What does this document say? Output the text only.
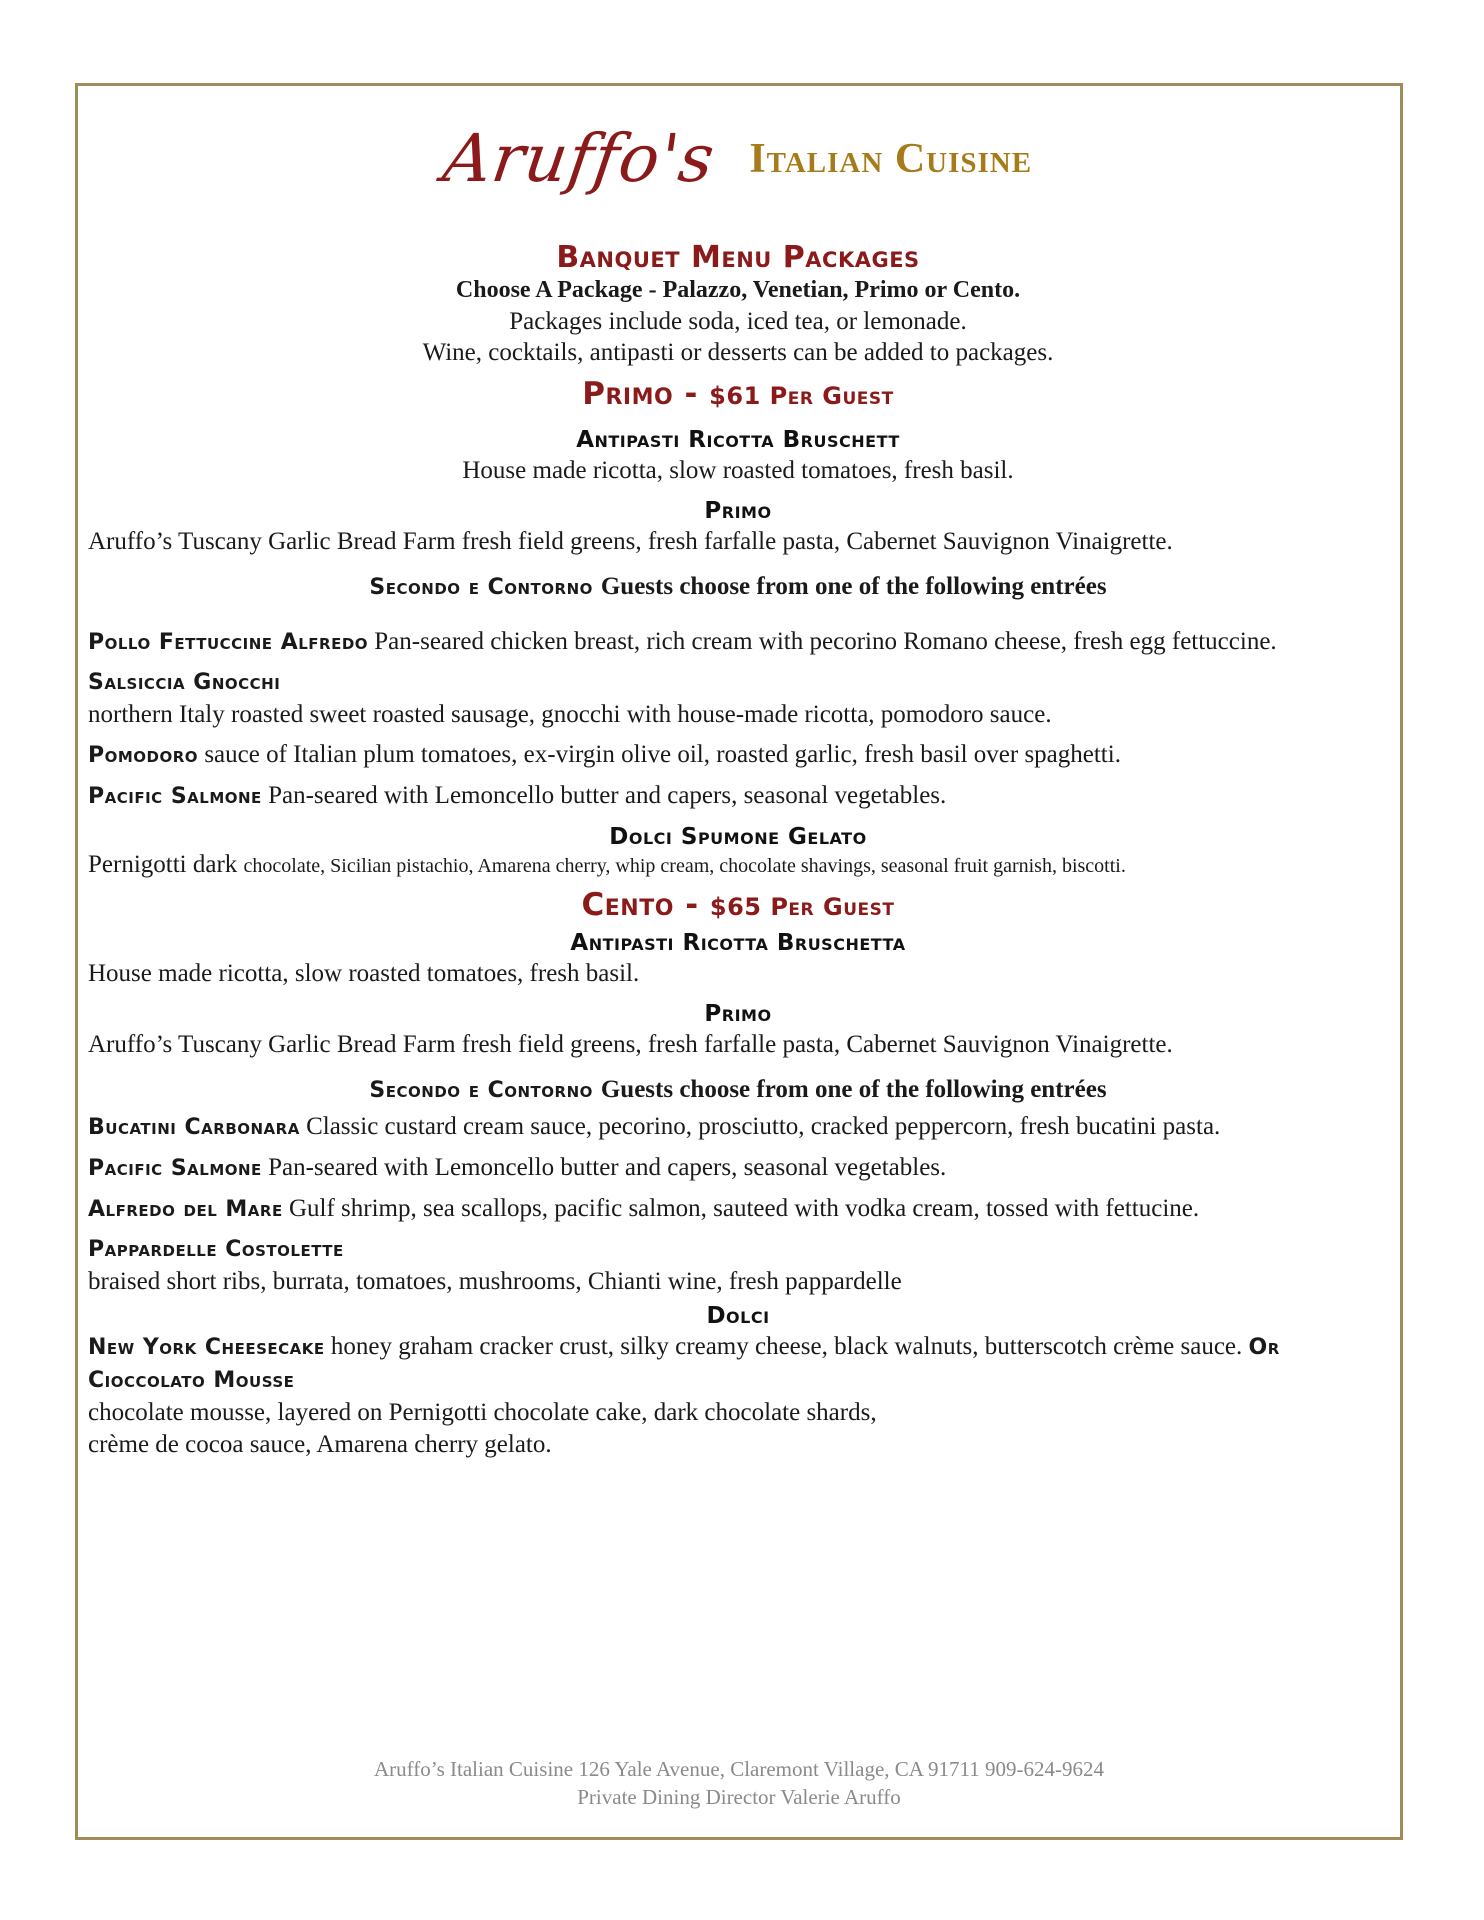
Aruffo's Italian Cuisine
Banquet Menu Packages
Choose A Package - Palazzo, Venetian, Primo or Cento.
Packages include soda, iced tea, or lemonade.
Wine, cocktails, antipasti or desserts can be added to packages.
Primo - $61 Per Guest
Antipasti Ricotta Bruschett
House made ricotta, slow roasted tomatoes, fresh basil.
Primo
Aruffo’s Tuscany Garlic Bread Farm fresh field greens, fresh farfalle pasta, Cabernet Sauvignon Vinaigrette.
Secondo e Contorno Guests choose from one of the following entrées
Pollo Fettuccine Alfredo Pan-seared chicken breast, rich cream with pecorino Romano cheese, fresh egg fettuccine.
Salsiccia Gnocchi
northern Italy roasted sweet roasted sausage, gnocchi with house-made ricotta, pomodoro sauce.
Pomodoro sauce of Italian plum tomatoes, ex-virgin olive oil, roasted garlic, fresh basil over spaghetti.
Pacific Salmone Pan-seared with Lemoncello butter and capers, seasonal vegetables.
Dolci Spumone Gelato
Pernigotti dark chocolate, Sicilian pistachio, Amarena cherry, whip cream, chocolate shavings, seasonal fruit garnish, biscotti.
Cento - $65 Per Guest
Antipasti Ricotta Bruschetta
House made ricotta, slow roasted tomatoes, fresh basil.
Primo
Aruffo’s Tuscany Garlic Bread Farm fresh field greens, fresh farfalle pasta, Cabernet Sauvignon Vinaigrette.
Secondo e Contorno Guests choose from one of the following entrées
Bucatini Carbonara Classic custard cream sauce, pecorino, prosciutto, cracked peppercorn, fresh bucatini pasta.
Pacific Salmone Pan-seared with Lemoncello butter and capers, seasonal vegetables.
Alfredo del Mare Gulf shrimp, sea scallops, pacific salmon, sauteed with vodka cream, tossed with fettucine.
Pappardelle Costolette
braised short ribs, burrata, tomatoes, mushrooms, Chianti wine, fresh pappardelle
Dolci
New York Cheesecake honey graham cracker crust, silky creamy cheese, black walnuts, butterscotch crème sauce. Or Cioccolato Mousse
chocolate mousse, layered on Pernigotti chocolate cake, dark chocolate shards,
crème de cocoa sauce, Amarena cherry gelato.
Aruffo’s Italian Cuisine 126 Yale Avenue, Claremont Village, CA 91711 909-624-9624
Private Dining Director Valerie Aruffo
